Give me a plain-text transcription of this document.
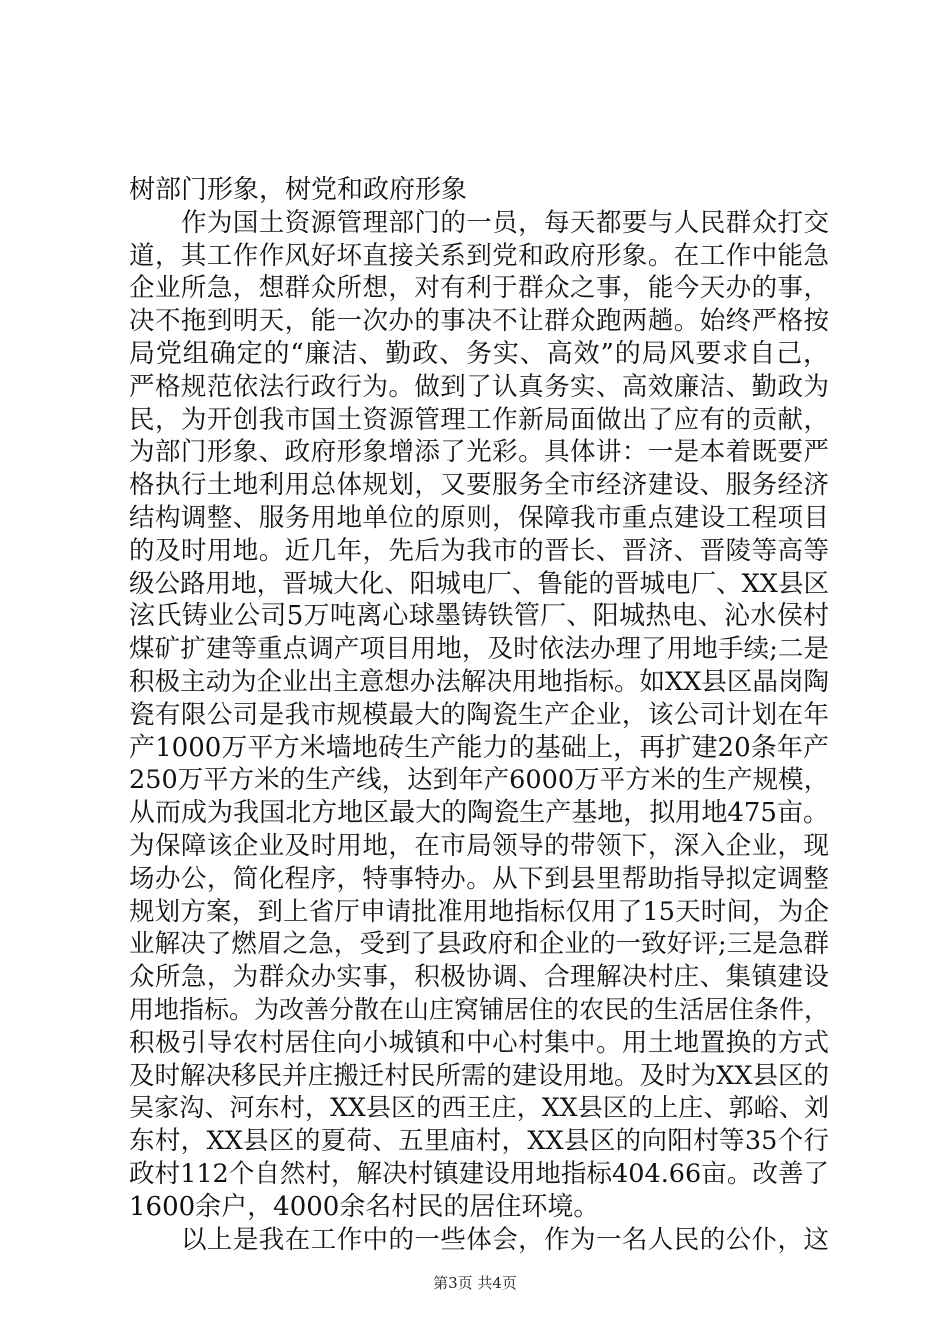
树部门形象，树党和政府形象

作为国土资源管理部门的一员，每天都要与人民群众打交

道，其工作作风好坏直接关系到党和政府形象。在工作中能急

企业所急，想群众所想，对有利于群众之事，能今天办的事，

决不拖到明天，能一次办的事决不让群众跑两趟。始终严格按

局党组确定的“廉洁、勤政、务实、高效”的局风要求自己，

严格规范依法行政行为。做到了认真务实、高效廉洁、勤政为

民，为开创我市国土资源管理工作新局面做出了应有的贡献，

为部门形象、政府形象增添了光彩。具体讲：一是本着既要严

格执行土地利用总体规划，又要服务全市经济建设、服务经济

结构调整、服务用地单位的原则，保障我市重点建设工程项目

的及时用地。近几年，先后为我市的晋长、晋济、晋陵等高等

级公路用地，晋城大化、阳城电厂、鲁能的晋城电厂、XX县区

泫氏铸业公司5万吨离心球墨铸铁管厂、阳城热电、沁水侯村

煤矿扩建等重点调产项目用地，及时依法办理了用地手续;二是

积极主动为企业出主意想办法解决用地指标。如XX县区晶岗陶

瓷有限公司是我市规模最大的陶瓷生产企业，该公司计划在年

产1000万平方米墙地砖生产能力的基础上，再扩建20条年产

250万平方米的生产线，达到年产6000万平方米的生产规模，

从而成为我国北方地区最大的陶瓷生产基地，拟用地475亩。

为保障该企业及时用地，在市局领导的带领下，深入企业，现

场办公，简化程序，特事特办。从下到县里帮助指导拟定调整

规划方案，到上省厅申请批准用地指标仅用了15天时间，为企

业解决了燃眉之急，受到了县政府和企业的一致好评;三是急群

众所急，为群众办实事，积极协调、合理解决村庄、集镇建设

用地指标。为改善分散在山庄窝铺居住的农民的生活居住条件，

积极引导农村居住向小城镇和中心村集中。用土地置换的方式

及时解决移民并庄搬迁村民所需的建设用地。及时为XX县区的

吴家沟、河东村，XX县区的西王庄，XX县区的上庄、郭峪、刘

东村，XX县区的夏荷、五里庙村，XX县区的向阳村等35个行

政村112个自然村，解决村镇建设用地指标404.66亩。改善了

1600余户，4000余名村民的居住环境。

以上是我在工作中的一些体会，作为一名人民的公仆，这

第3页 共4页
